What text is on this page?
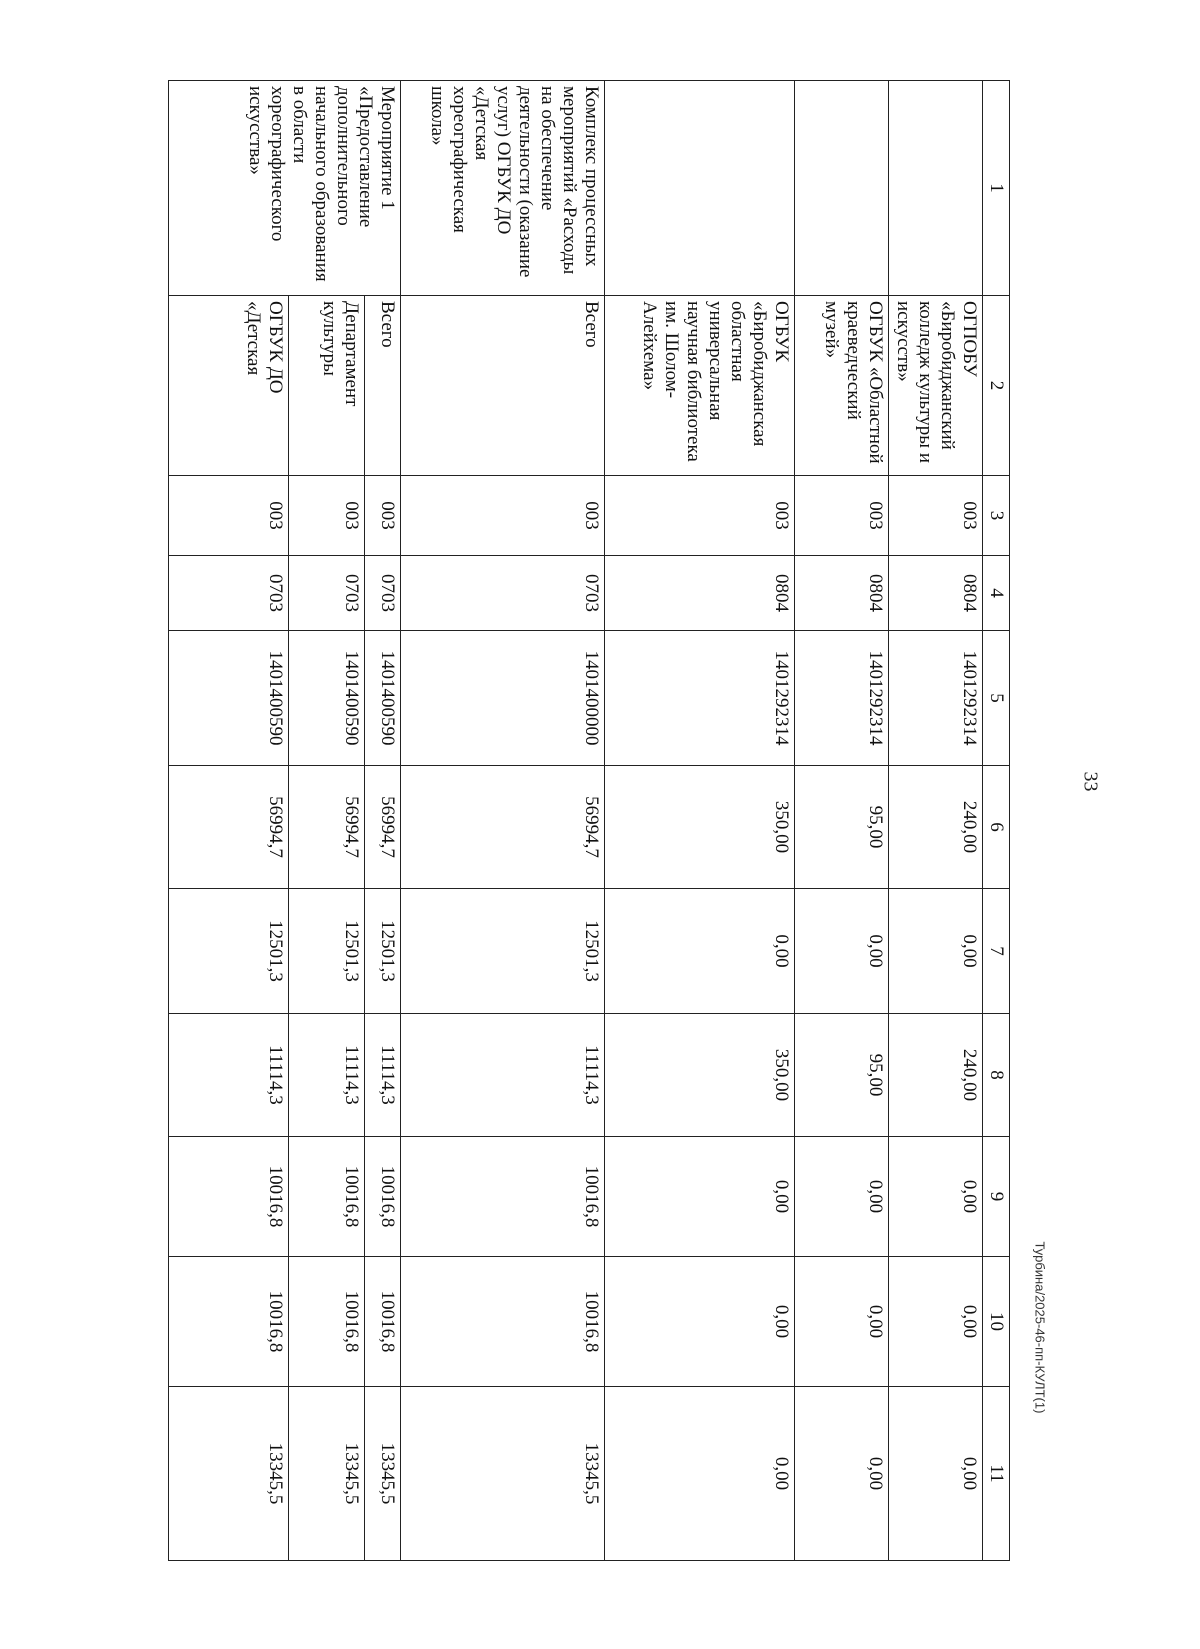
33
1	2	3	4	5	6	7	8	9	10	11
	ОГПОБУ «Биробиджанский колледж культуры и искусств»	003	0804	1401292314	240,00	0,00	240,00	0,00	0,00	0,00
	ОГБУК «Областной краеведческий музей»	003	0804	1401292314	95,00	0,00	95,00	0,00	0,00	0,00
	ОГБУК «Биробиджанская областная универсальная научная библиотека им. Шолом-Алейхема»	003	0804	1401292314	350,00	0,00	350,00	0,00	0,00	0,00
Комплекс процессных мероприятий «Расходы на обеспечение деятельности (оказание услуг) ОГБУК ДО «Детская хореографическая школа»	Всего	003	0703	1401400000	56994,7	12501,3	11114,3	10016,8	10016,8	13345,5
Мероприятие 1 «Предоставление дополнительного начального образования в области хореографического искусства»	Всего	003	0703	1401400590	56994,7	12501,3	11114,3	10016,8	10016,8	13345,5
	Департамент культуры	003	0703	1401400590	56994,7	12501,3	11114,3	10016,8	10016,8	13345,5
	ОГБУК ДО «Детская	003	0703	1401400590	56994,7	12501,3	11114,3	10016,8	10016,8	13345,5
Турбина/2025-46-пп-КУЛТ(1)
